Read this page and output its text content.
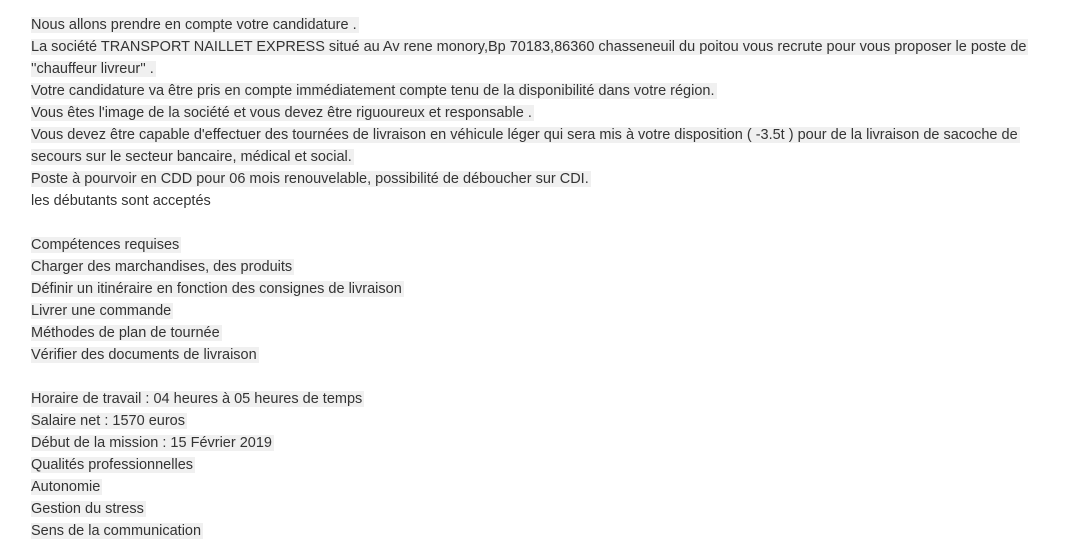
Nous allons prendre en compte votre candidature .
La société TRANSPORT NAILLET EXPRESS situé au Av rene monory,Bp 70183,86360 chasseneuil du poitou vous recrute pour vous proposer le poste de
''chauffeur livreur'' .
Votre candidature va être pris en compte immédiatement compte tenu de la disponibilité dans votre région.
Vous êtes l'image de la société et vous devez être riguoureux et responsable .
Vous devez être capable d'effectuer des tournées de livraison en véhicule léger qui sera mis à votre disposition ( -3.5t ) pour de la livraison de sacoche de
secours sur le secteur bancaire, médical et social.
Poste à pourvoir en CDD pour 06 mois renouvelable, possibilité de déboucher sur CDI.
les débutants sont acceptés
Compétences requises
Charger des marchandises, des produits
Définir un itinéraire en fonction des consignes de livraison
Livrer une commande
Méthodes de plan de tournée
Vérifier des documents de livraison
Horaire de travail : 04 heures à 05 heures de temps
Salaire net : 1570 euros
Début de la mission : 15 Février 2019
Qualités professionnelles
Autonomie
Gestion du stress
Sens de la communication
